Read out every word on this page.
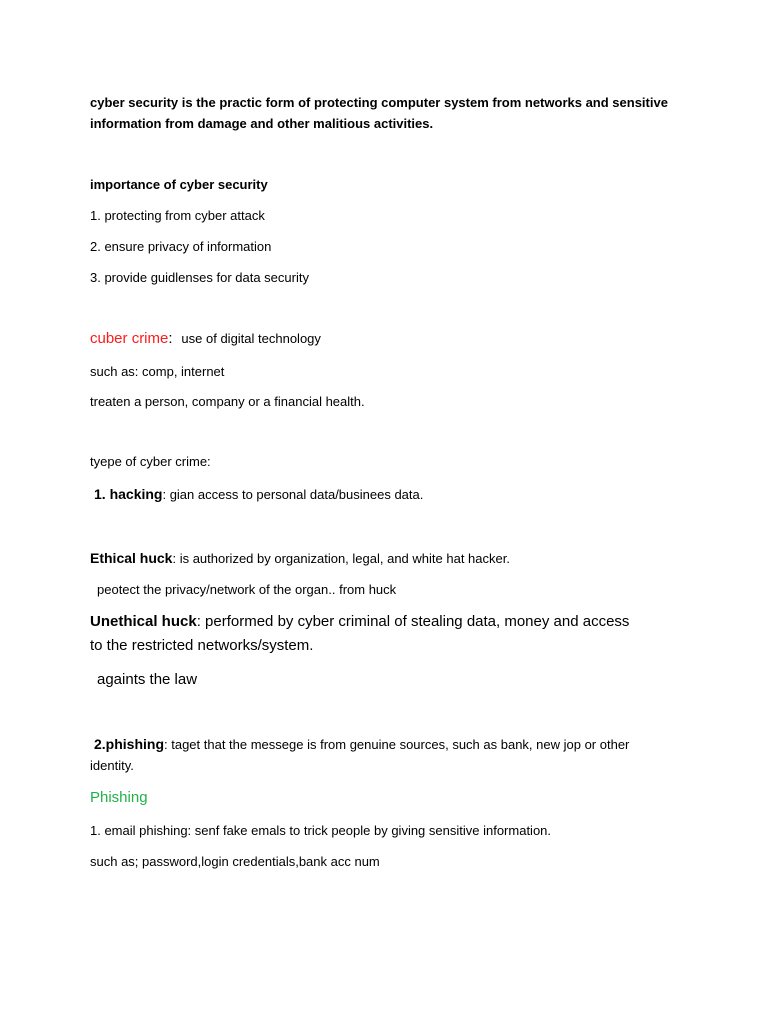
cyber security is the practic form of protecting computer system from networks and sensitive
information from damage and other malitious activities.
importance of cyber security
1. protecting from cyber attack
2. ensure privacy of information
3. provide guidlenses for data security
cuber crime: use of digital technology
such as: comp, internet
treaten a person, company or a financial health.
tyepe of cyber crime:
1. hacking: gian access to personal data/businees data.
Ethical huck: is authorized by organization, legal, and white hat hacker.
peotect the privacy/network of the organ.. from huck
Unethical huck: performed by cyber criminal of stealing data, money and access
to the restricted networks/system.
againts the law
2.phishing: taget that the messege is from genuine sources, such as bank, new jop or other
identity.
Phishing
1. email phishing: senf fake emals to trick people by giving sensitive information.
such as; password,login credentials,bank acc num
